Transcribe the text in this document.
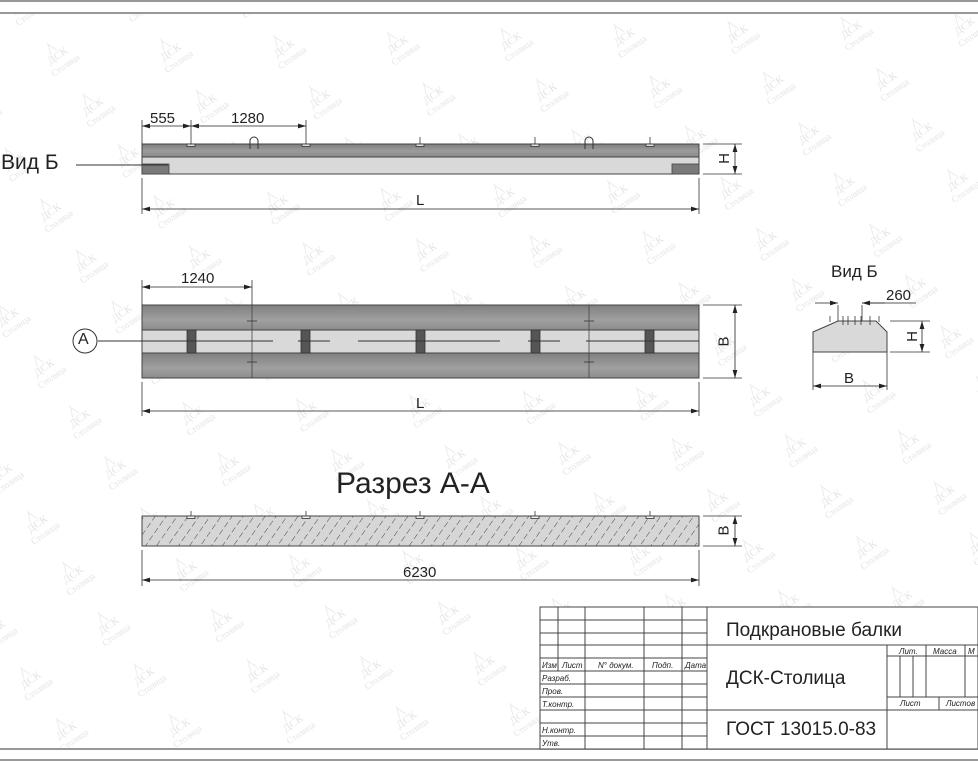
555	1280
Вид Б
L
H
1240
A	B
L
Вид Б
260
H
B
Разрез А-А
B
6230
Изм Лист N° докум. Подп. Дата
Разраб.
Пров.
Т.контр.
Н.контр.
Утв.
Подкрановые балки
ДСК-Столица
ГОСТ 13015.0-83
Лит. Масса М
Лист	Листов
